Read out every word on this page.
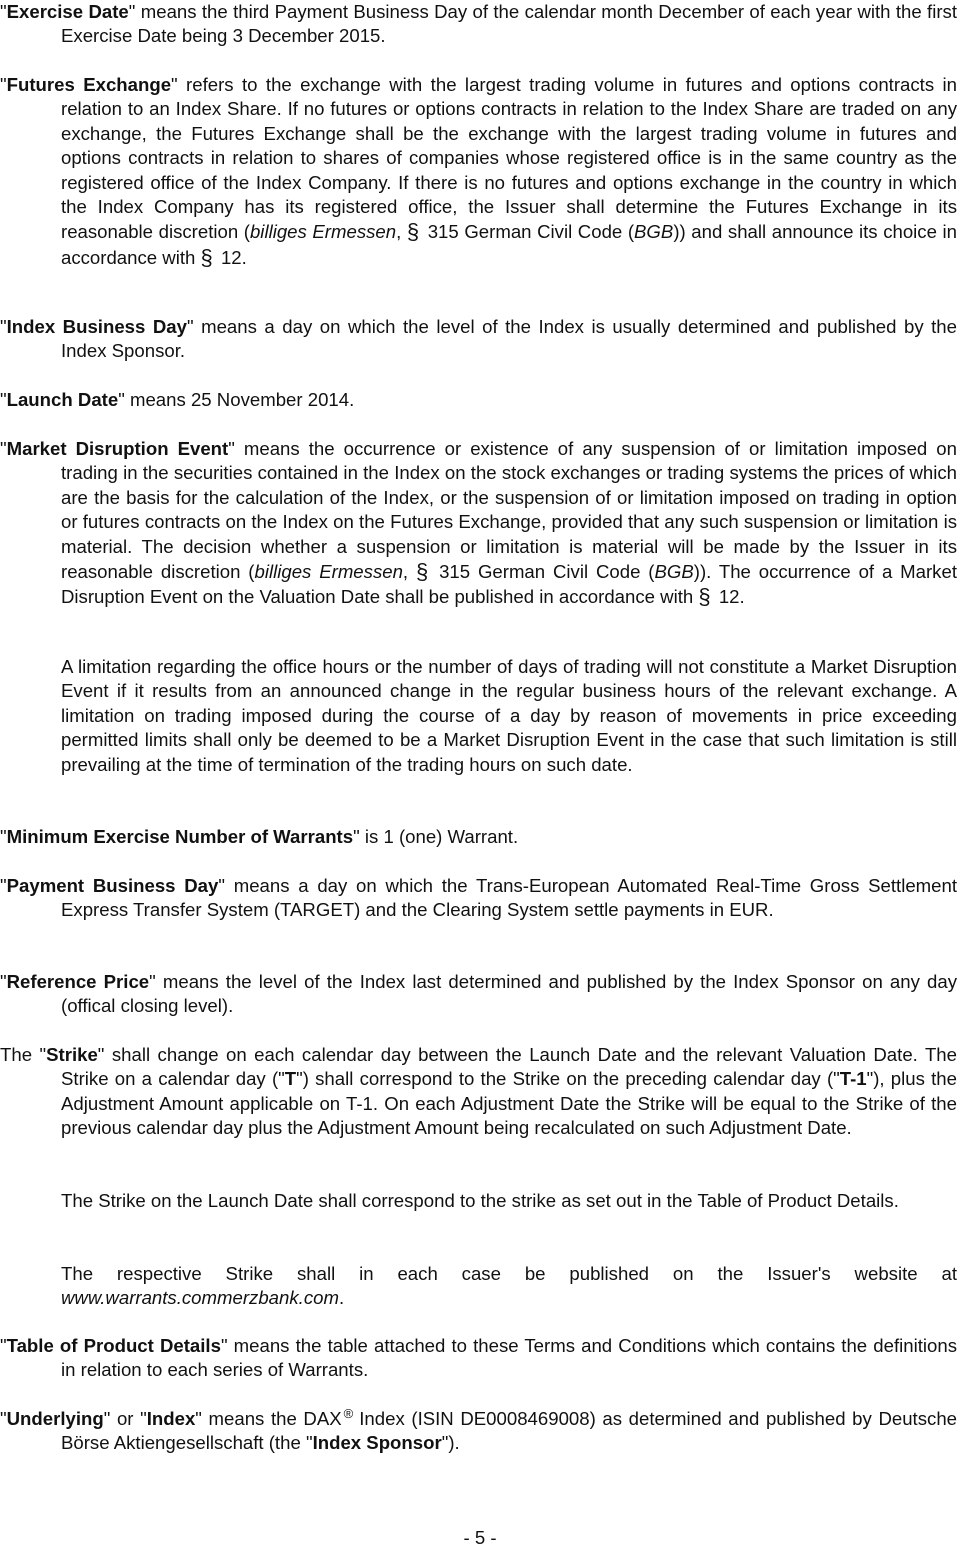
"Exercise Date" means the third Payment Business Day of the calendar month December of each year with the first Exercise Date being 3 December 2015.
"Futures Exchange" refers to the exchange with the largest trading volume in futures and options contracts in relation to an Index Share. If no futures or options contracts in relation to the Index Share are traded on any exchange, the Futures Exchange shall be the exchange with the largest trading volume in futures and options contracts in relation to shares of companies whose registered office is in the same country as the registered office of the Index Company. If there is no futures and options exchange in the country in which the Index Company has its registered office, the Issuer shall determine the Futures Exchange in its reasonable discretion (billiges Ermessen, § 315 German Civil Code (BGB)) and shall announce its choice in accordance with § 12.
"Index Business Day" means a day on which the level of the Index is usually determined and published by the Index Sponsor.
"Launch Date" means 25 November 2014.
"Market Disruption Event" means the occurrence or existence of any suspension of or limitation imposed on trading in the securities contained in the Index on the stock exchanges or trading systems the prices of which are the basis for the calculation of the Index, or the suspension of or limitation imposed on trading in option or futures contracts on the Index on the Futures Exchange, provided that any such suspension or limitation is material. The decision whether a suspension or limitation is material will be made by the Issuer in its reasonable discretion (billiges Ermessen, § 315 German Civil Code (BGB)). The occurrence of a Market Disruption Event on the Valuation Date shall be published in accordance with § 12.
A limitation regarding the office hours or the number of days of trading will not constitute a Market Disruption Event if it results from an announced change in the regular business hours of the relevant exchange. A limitation on trading imposed during the course of a day by reason of movements in price exceeding permitted limits shall only be deemed to be a Market Disruption Event in the case that such limitation is still prevailing at the time of termination of the trading hours on such date.
"Minimum Exercise Number of Warrants" is 1 (one) Warrant.
"Payment Business Day" means a day on which the Trans-European Automated Real-Time Gross Settlement Express Transfer System (TARGET) and the Clearing System settle payments in EUR.
"Reference Price" means the level of the Index last determined and published by the Index Sponsor on any day (offical closing level).
The "Strike" shall change on each calendar day between the Launch Date and the relevant Valuation Date. The Strike on a calendar day ("T") shall correspond to the Strike on the preceding calendar day ("T-1"), plus the Adjustment Amount applicable on T-1. On each Adjustment Date the Strike will be equal to the Strike of the previous calendar day plus the Adjustment Amount being recalculated on such Adjustment Date.
The Strike on the Launch Date shall correspond to the strike as set out in the Table of Product Details.
The respective Strike shall in each case be published on the Issuer's website at www.warrants.commerzbank.com.
"Table of Product Details" means the table attached to these Terms and Conditions which contains the definitions in relation to each series of Warrants.
"Underlying" or "Index" means the DAX ® Index (ISIN DE0008469008) as determined and published by Deutsche Börse Aktiengesellschaft (the "Index Sponsor").
- 5 -
